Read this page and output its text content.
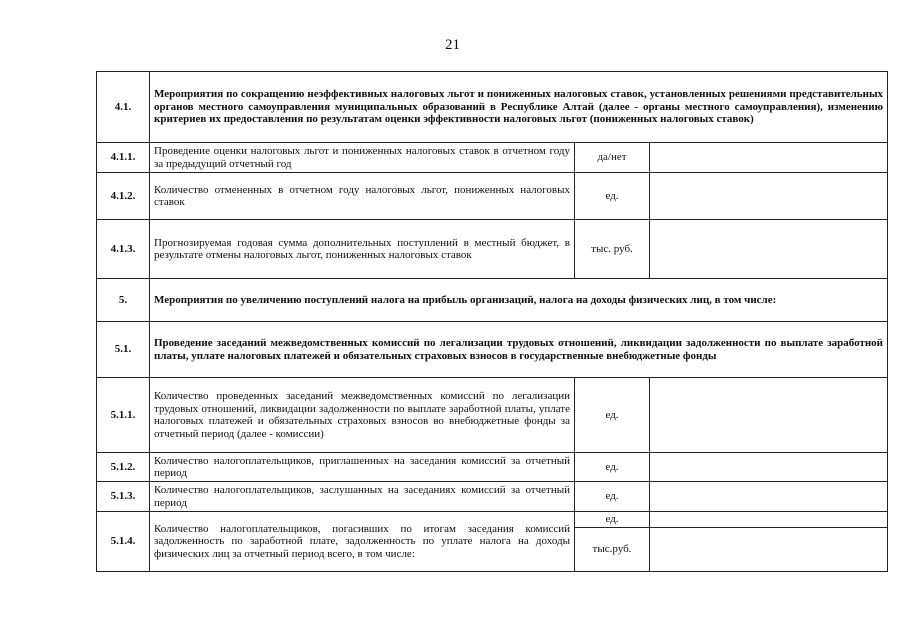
21
4.1.	Мероприятия по сокращению неэффективных налоговых льгот и пониженных налоговых ставок, установленных решениями представительных органов местного самоуправления муниципальных образований в Республике Алтай (далее - органы местного самоуправления), изменению критериев их предоставления по результатам оценки эффективности налоговых льгот (пониженных налоговых ставок)		
4.1.1.	Проведение оценки налоговых льгот и пониженных налоговых ставок в отчетном году за предыдущий отчетный год	да/нет	
4.1.2.	Количество отмененных в отчетном году налоговых льгот, пониженных налоговых ставок	ед.	
4.1.3.	Прогнозируемая годовая сумма дополнительных поступлений в местный бюджет, в результате отмены налоговых льгот, пониженных налоговых ставок	тыс. руб.	
5.	Мероприятия по увеличению поступлений налога на прибыль организаций, налога на доходы физических лиц, в том числе:		
5.1.	Проведение заседаний межведомственных комиссий по легализации трудовых отношений, ликвидации задолженности по выплате заработной платы, уплате налоговых платежей и обязательных страховых взносов в государственные внебюджетные фонды		
5.1.1.	Количество проведенных заседаний межведомственных комиссий по легализации трудовых отношений, ликвидации задолженности по выплате заработной платы, уплате налоговых платежей и обязательных страховых взносов во внебюджетные фонды за отчетный период (далее - комиссии)	ед.	
5.1.2.	Количество налогоплательщиков, приглашенных на заседания комиссий за отчетный период	ед.	
5.1.3.	Количество налогоплательщиков, заслушанных на заседаниях комиссий за отчетный период	ед.	
5.1.4.	Количество налогоплательщиков, погасивших по итогам заседания комиссий задолженность по заработной плате, задолженность по уплате налога на доходы физических лиц за отчетный период всего, в том числе:	ед.	
		тыс.руб.	
